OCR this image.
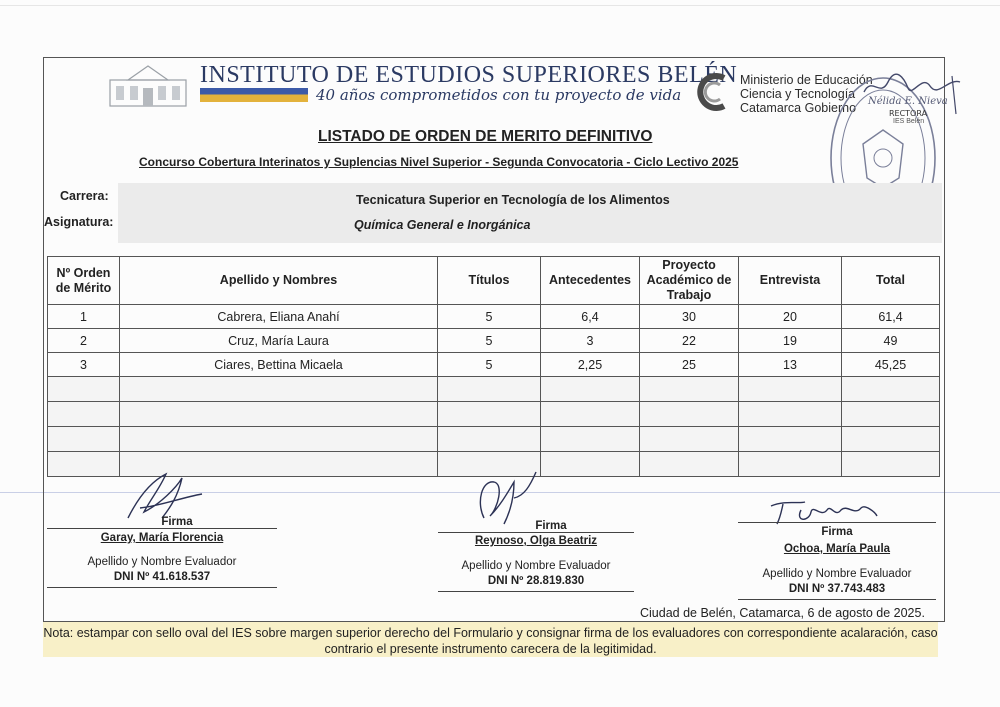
INSTITUTO DE ESTUDIOS SUPERIORES BELÉN
40 años comprometidos con tu proyecto de vida
Ministerio de Educación
Ciencia y Tecnología
Catamarca Gobierno	Nélida E. Nieva
RECTORA
IES Belén
LISTADO DE ORDEN DE MERITO DEFINITIVO
Concurso Cobertura Interinatos y Suplencias Nivel Superior - Segunda Convocatoria - Ciclo Lectivo 2025
Carrera:	Tecnicatura Superior en Tecnología de los Alimentos
Asignatura:	Química General e Inorgánica
Nº Orden de Mérito	Apellido y Nombres	Títulos	Antecedentes	Proyecto Académico de Trabajo	Entrevista	Total
1	Cabrera, Eliana Anahí	5	6,4	30	20	61,4
2	Cruz, María Laura	5	3	22	19	49
3	Ciares, Bettina Micaela	5	2,25	25	13	45,25

Firma
Garay, María Florencia
Apellido y Nombre Evaluador
DNI Nº 41.618.537
Firma
Reynoso, Olga Beatriz
Apellido y Nombre Evaluador
DNI Nº 28.819.830
Firma
Ochoa, María Paula
Apellido y Nombre Evaluador
DNI Nº 37.743.483
Ciudad de Belén, Catamarca, 6 de agosto de 2025.
Nota: estampar con sello oval del IES sobre margen superior derecho del Formulario y consignar firma de los evaluadores con correspondiente acalaración, caso contrario el presente instrumento carecera de la legitimidad.
